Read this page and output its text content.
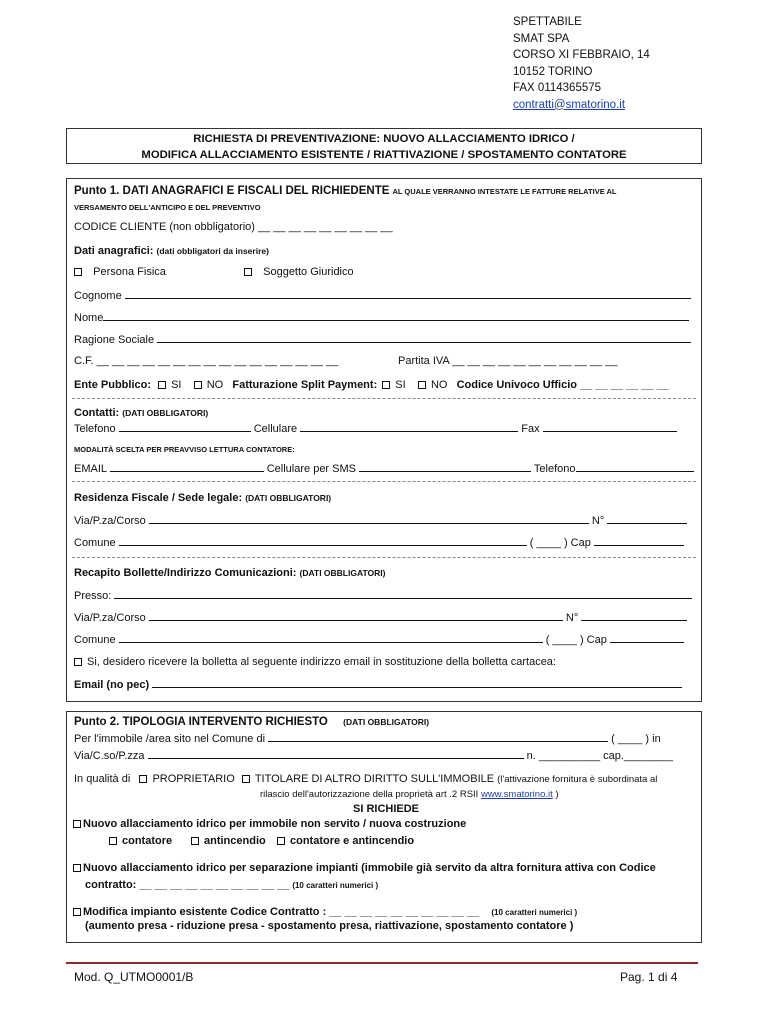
SPETTABILE
SMAT SPA
CORSO XI FEBBRAIO, 14
10152 TORINO
FAX 0114365575
contratti@smatorino.it
RICHIESTA DI PREVENTIVAZIONE: NUOVO ALLACCIAMENTO IDRICO /
MODIFICA ALLACCIAMENTO ESISTENTE / RIATTIVAZIONE / SPOSTAMENTO CONTATORE
Punto 1. DATI ANAGRAFICI E FISCALI DEL RICHIEDENTE AL QUALE VERRANNO INTESTATE LE FATTURE RELATIVE AL
VERSAMENTO DELL'ANTICIPO E DEL PREVENTIVO
CODICE CLIENTE (non obbligatorio) __ __ __ __ __ __ __ __ __
Dati anagrafici: (dati obbligatori da inserire)
Persona Fisica	Soggetto Giuridico
Cognome
Nome
Ragione Sociale
C.F. __ __ __ __ __ __ __ __ __ __ __ __ __ __ __ __	Partita IVA __ __ __ __ __ __ __ __ __ __ __
Ente Pubblico: SI NO Fatturazione Split Payment: SI NO Codice Univoco Ufficio __ __ __ __ __ __
Contatti: (DATI OBBLIGATORI)
Telefono	Cellulare	Fax
MODALITÀ SCELTA PER PREAVVISO LETTURA CONTATORE:
EMAIL	Cellulare per SMS	Telefono
Residenza Fiscale / Sede legale: (DATI OBBLIGATORI)
Via/P.za/Corso	N°
Comune	( ____ ) Cap
Recapito Bollette/Indirizzo Comunicazioni: (DATI OBBLIGATORI)
Presso:
Via/P.za/Corso	N°
Comune	( ____ ) Cap
Si, desidero ricevere la bolletta al seguente indirizzo email in sostituzione della bolletta cartacea:
Email (no pec)
Punto 2. TIPOLOGIA INTERVENTO RICHIESTO (DATI OBBLIGATORI)
Per l'immobile /area sito nel Comune di	( ____ ) in
Via/C.so/P.zza	n. __________ cap.________
In qualità di PROPRIETARIO TITOLARE DI ALTRO DIRITTO SULL'IMMOBILE (l'attivazione fornitura è subordinata al
rilascio dell'autorizzazione della proprietà art .2 RSII www.smatorino.it )
SI RICHIEDE
Nuovo allacciamento idrico per immobile non servito / nuova costruzione
contatore	antincendio	contatore e antincendio
Nuovo allacciamento idrico per separazione impianti (immobile già servito da altra fornitura attiva con Codice
contratto: __ __ __ __ __ __ __ __ __ __ (10 caratteri numerici )
Modifica impianto esistente Codice Contratto : __ __ __ __ __ __ __ __ __ __ (10 caratteri numerici )
(aumento presa - riduzione presa - spostamento presa, riattivazione, spostamento contatore )
Mod. Q_UTMO0001/B	Pag. 1 di 4
